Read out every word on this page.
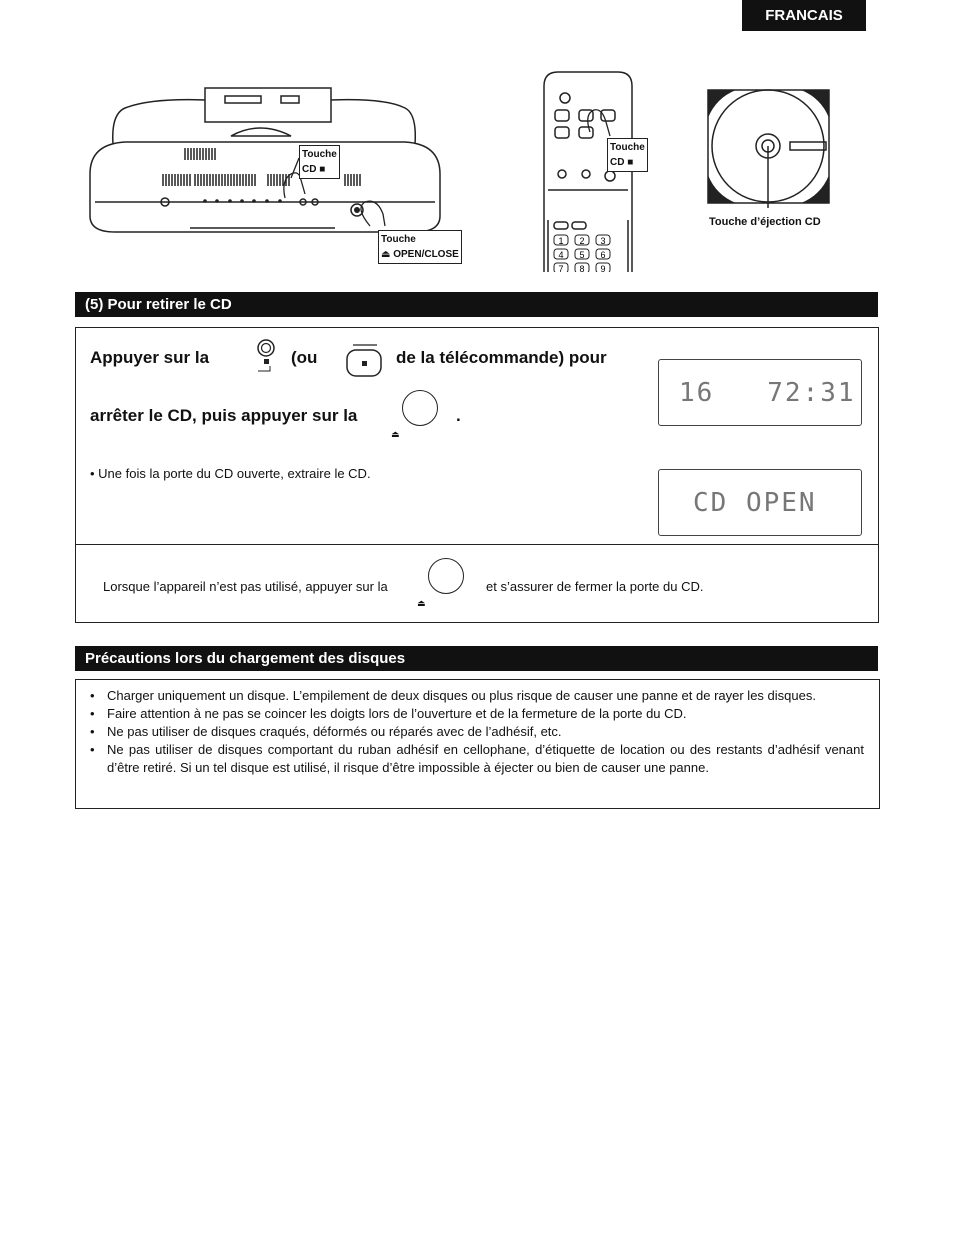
FRANCAIS
Touche
CD ■
Touche
⏏ OPEN/CLOSE
1 2 3
4 5 6
7 8 9
Touche
CD ■
Touche d’éjection CD
(5) Pour retirer le CD
Appuyer sur la	(ou	de la télécommande) pour
arrêter le CD, puis appuyer sur la
⏏
.
• Une fois la porte du CD ouverte, extraire le CD.
16   72:31
CD OPEN
Lorsque l’appareil n’est pas utilisé, appuyer sur la
⏏
et s’assurer de fermer la porte du CD.
Précautions lors du chargement des disques
• Charger uniquement un disque. L’empilement de deux disques ou plus risque de causer une panne et de rayer les disques.
• Faire attention à ne pas se coincer les doigts lors de l’ouverture et de la fermeture de la porte du CD.
• Ne pas utiliser de disques craqués, déformés ou réparés avec de l’adhésif, etc.
• Ne pas utiliser de disques comportant du ruban adhésif en cellophane, d’étiquette de location ou des restants d’adhésif venant d’être retiré. Si un tel disque est utilisé, il risque d’être impossible à éjecter ou bien de causer une panne.
